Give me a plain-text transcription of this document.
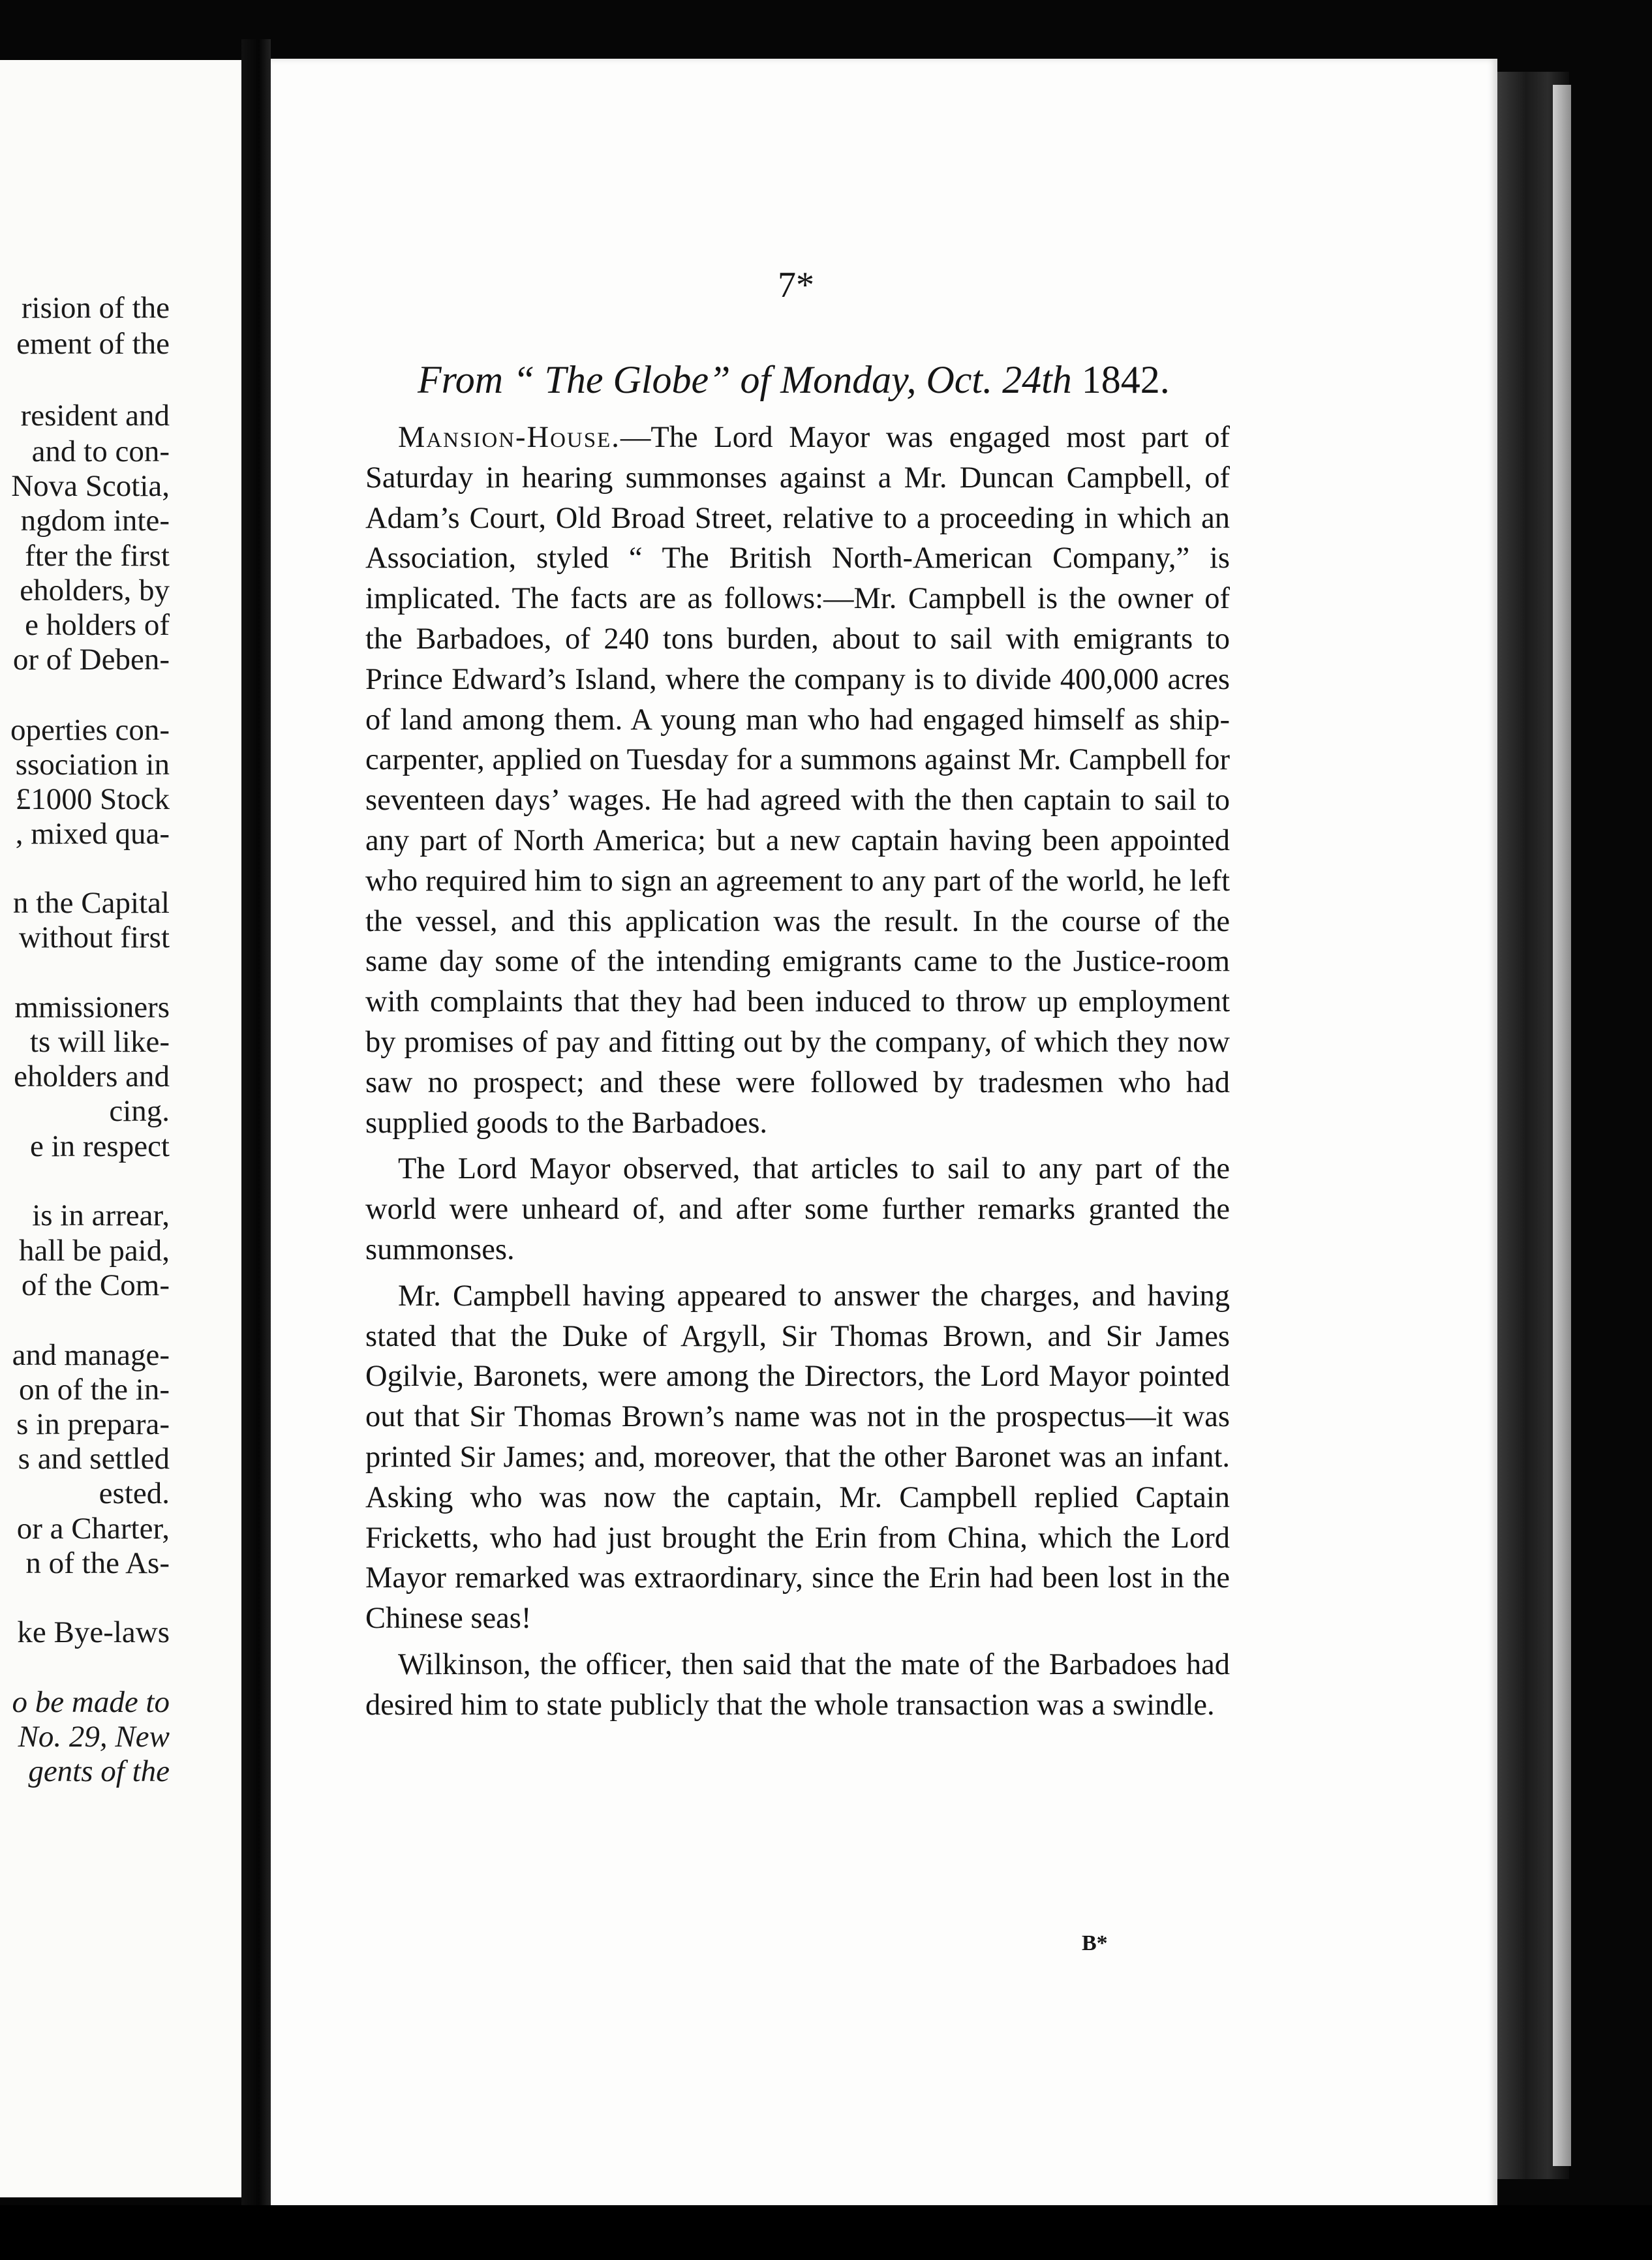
rision of the
ement of the
resident and
and to con-
Nova Scotia,
ngdom inte-
fter the first
eholders, by
e holders of
or of Deben-
operties con-
ssociation in
£1000 Stock
, mixed qua-
n the Capital
without first
mmissioners
ts will like-
eholders and
cing.
e in respect
is in arrear,
hall be paid,
of the Com-
and manage-
on of the in-
s in prepara-
s and settled
ested.
or a Charter,
n of the As-
ke Bye-laws
o be made to
No. 29, New
gents of the
7*
From “ The Globe” of Monday, Oct. 24th 1842.

Mansion-House.—The Lord Mayor was engaged most part of Saturday in hearing summonses against a Mr. Duncan Campbell, of Adam’s Court, Old Broad Street, relative to a proceeding in which an Association, styled “ The British North-American Company,” is implicated. The facts are as follows:—Mr. Campbell is the owner of the Barbadoes, of 240 tons burden, about to sail with emigrants to Prince Edward’s Island, where the company is to divide 400,000 acres of land among them. A young man who had engaged himself as ship-carpenter, applied on Tuesday for a summons against Mr. Campbell for seventeen days’ wages. He had agreed with the then captain to sail to any part of North America; but a new captain having been appointed who required him to sign an agreement to any part of the world, he left the vessel, and this application was the result. In the course of the same day some of the intending emigrants came to the Justice-room with complaints that they had been induced to throw up employment by promises of pay and fitting out by the company, of which they now saw no prospect; and these were followed by tradesmen who had supplied goods to the Barbadoes.

The Lord Mayor observed, that articles to sail to any part of the world were unheard of, and after some further remarks granted the summonses.

Mr. Campbell having appeared to answer the charges, and having stated that the Duke of Argyll, Sir Thomas Brown, and Sir James Ogilvie, Baronets, were among the Directors, the Lord Mayor pointed out that Sir Thomas Brown’s name was not in the prospectus—it was printed Sir James; and, moreover, that the other Baronet was an infant. Asking who was now the captain, Mr. Campbell replied Captain Fricketts, who had just brought the Erin from China, which the Lord Mayor remarked was extraordinary, since the Erin had been lost in the Chinese seas!

Wilkinson, the officer, then said that the mate of the Barbadoes had desired him to state publicly that the whole transaction was a swindle.

B*
